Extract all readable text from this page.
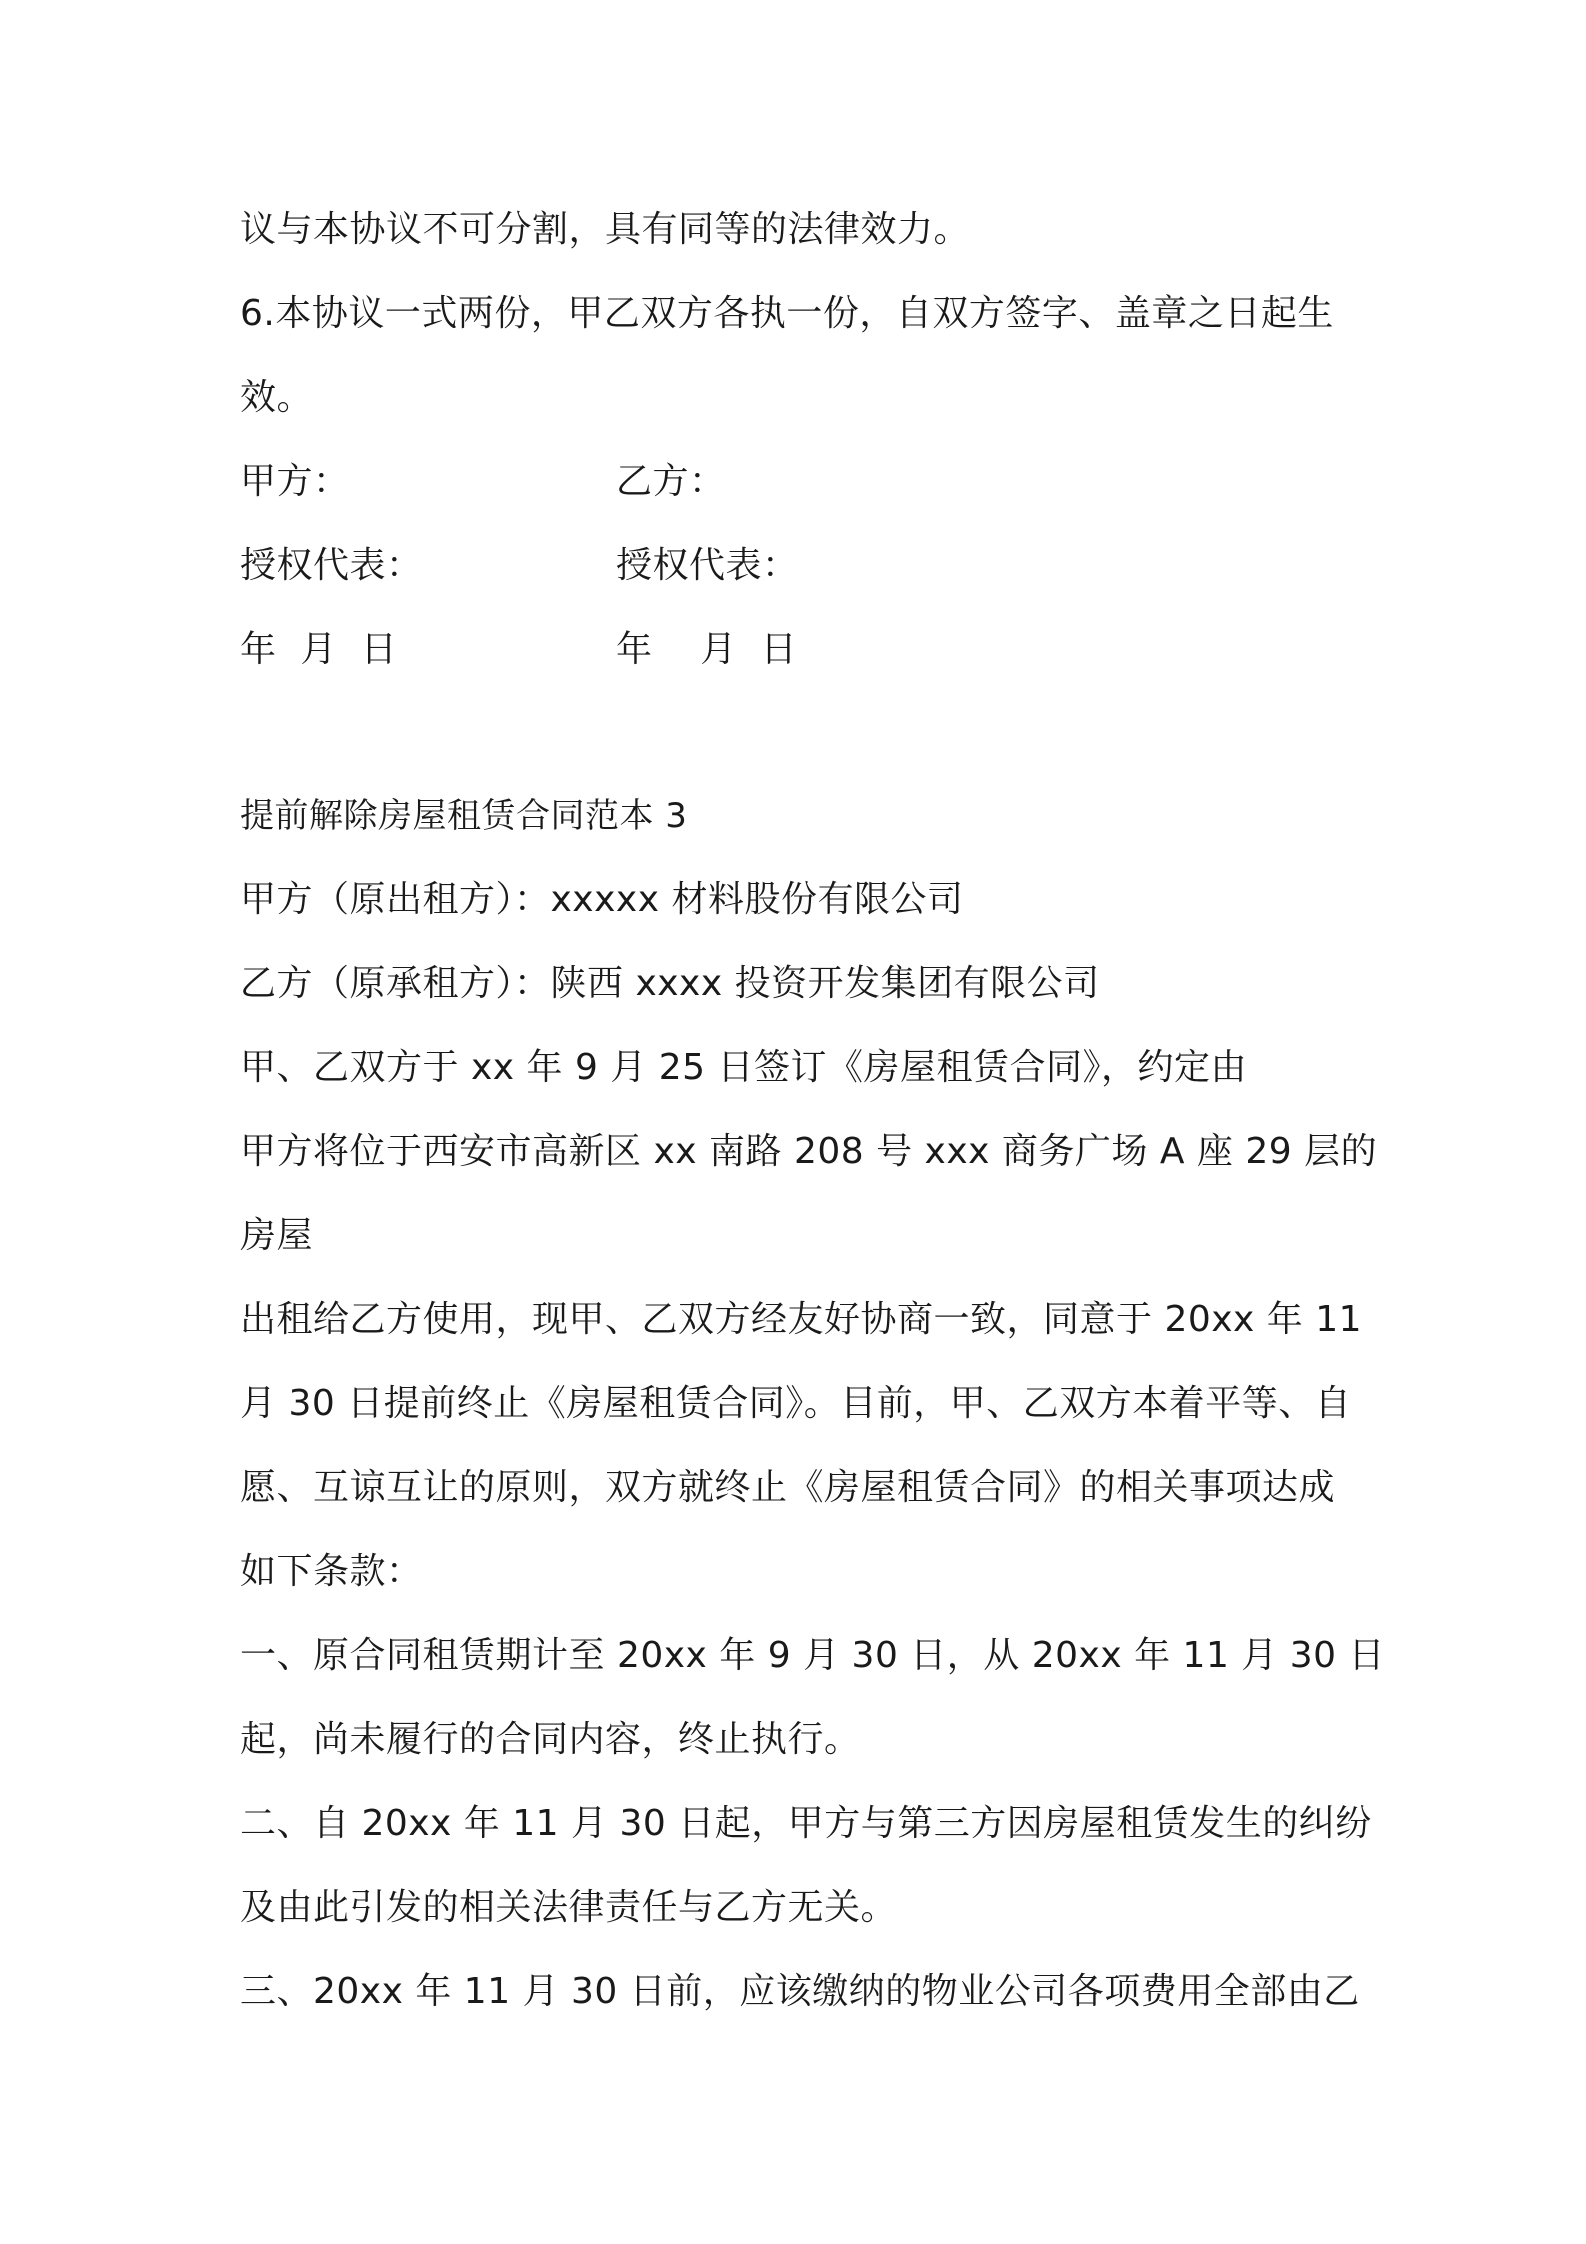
议与本协议不可分割，具有同等的法律效力。
6.本协议一式两份，甲乙双方各执一份，自双方签字、盖章之日起生
效。
甲方：	乙方：
授权代表：	授权代表：
年  月  日	年    月  日
提前解除房屋租赁合同范本 3
甲方（原出租方）：xxxxx 材料股份有限公司
乙方（原承租方）：陕西 xxxx 投资开发集团有限公司
甲、乙双方于 xx 年 9 月 25 日签订《房屋租赁合同》，约定由
甲方将位于西安市高新区 xx 南路 208 号 xxx 商务广场 A 座 29 层的
房屋
出租给乙方使用，现甲、乙双方经友好协商一致，同意于 20xx 年 11
月 30 日提前终止《房屋租赁合同》。目前，甲、乙双方本着平等、自
愿、互谅互让的原则，双方就终止《房屋租赁合同》的相关事项达成
如下条款：
一、原合同租赁期计至 20xx 年 9 月 30 日，从 20xx 年 11 月 30 日
起，尚未履行的合同内容，终止执行。
二、自 20xx 年 11 月 30 日起，甲方与第三方因房屋租赁发生的纠纷
及由此引发的相关法律责任与乙方无关。
三、20xx 年 11 月 30 日前，应该缴纳的物业公司各项费用全部由乙
